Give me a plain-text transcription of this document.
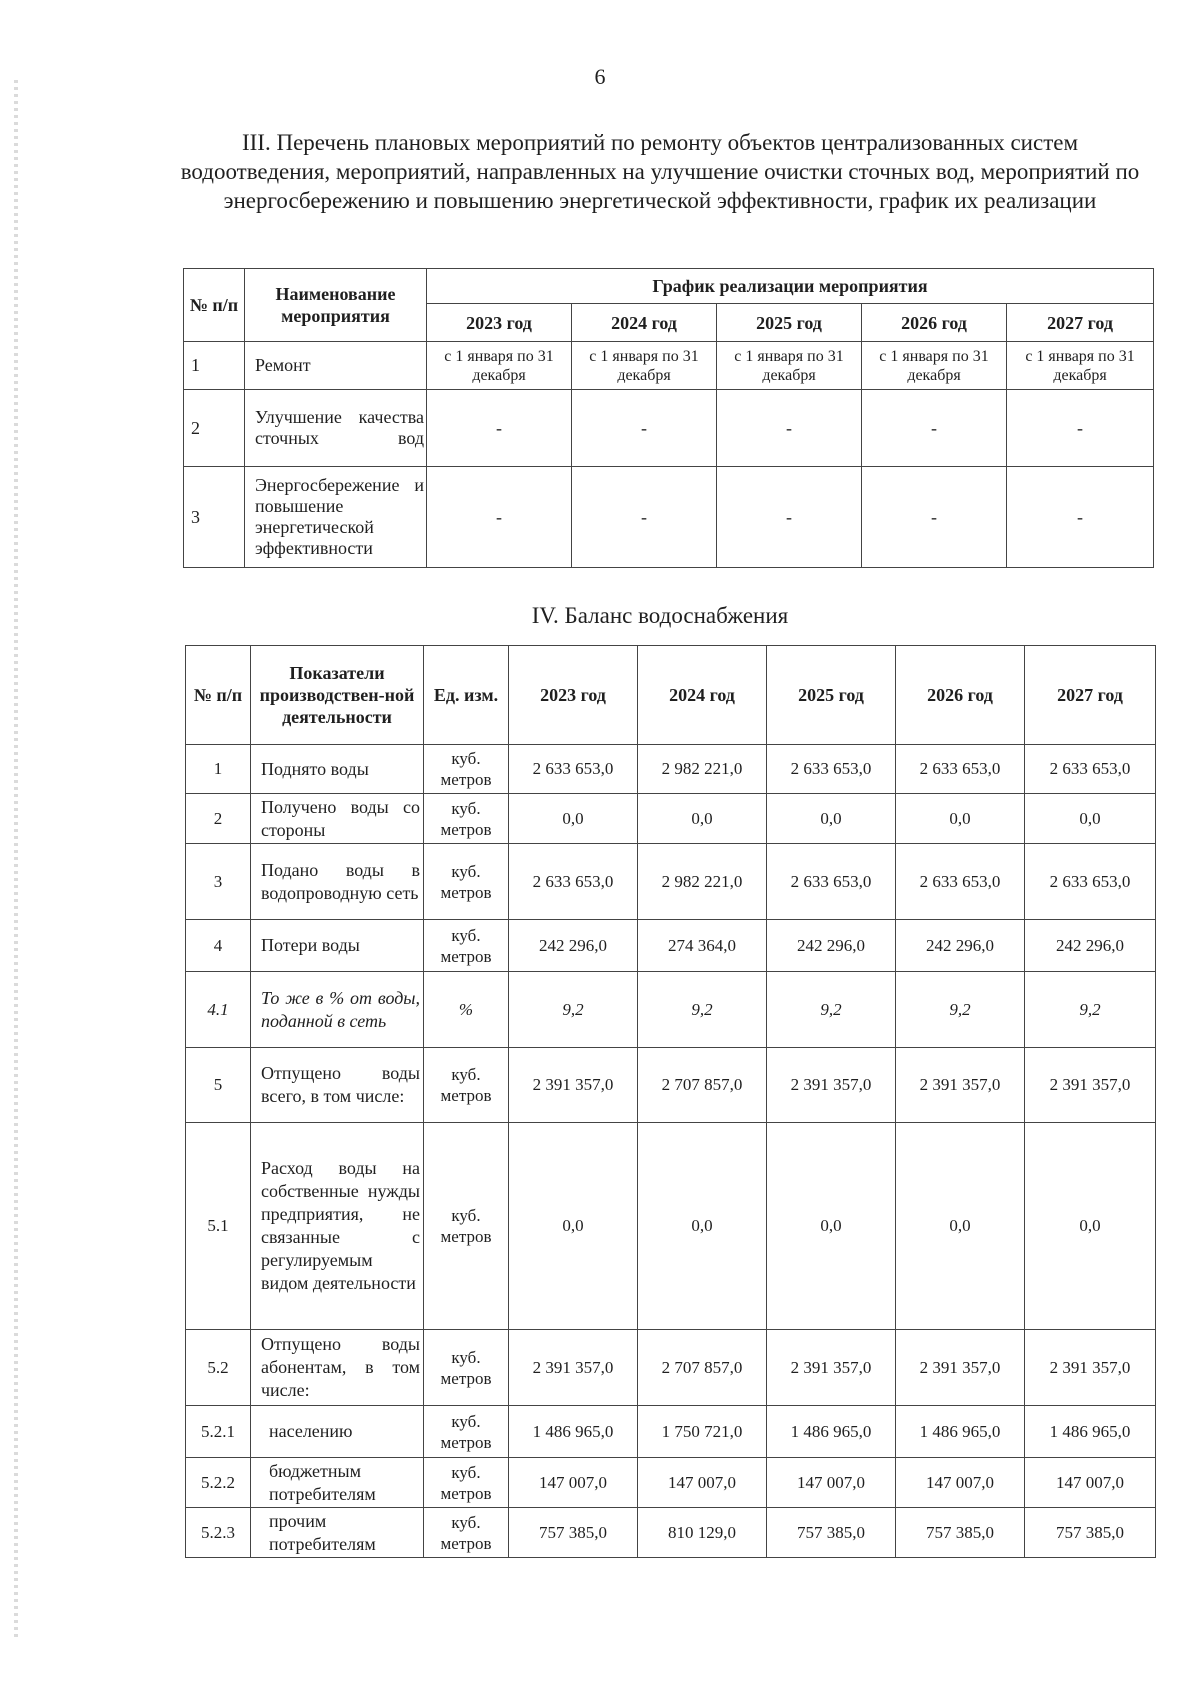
6
III. Перечень плановых мероприятий по ремонту объектов централизованных систем водоотведения, мероприятий, направленных на улучшение очистки сточных вод, мероприятий по энергосбережению и повышению энергетической эффективности, график их реализации
№ п/п	Наименование мероприятия	График реализации мероприятия				
		2023 год	2024 год	2025 год	2026 год	2027 год
1	Ремонт	с 1 января по 31 декабря	с 1 января по 31 декабря	с 1 января по 31 декабря	с 1 января по 31 декабря	с 1 января по 31 декабря
2	Улучшение качества сточных вод	-	-	-	-	-
3	Энергосбережение и повышение энергетической эффективности	-	-	-	-	-
IV. Баланс водоснабжения
№ п/п	Показатели производствен-ной деятельности	Ед. изм.	2023 год	2024 год	2025 год	2026 год	2027 год
1	Поднято воды	куб. метров	2 633 653,0	2 982 221,0	2 633 653,0	2 633 653,0	2 633 653,0
2	Получено воды со стороны	куб. метров	0,0	0,0	0,0	0,0	0,0
3	Подано воды в водопроводную сеть	куб. метров	2 633 653,0	2 982 221,0	2 633 653,0	2 633 653,0	2 633 653,0
4	Потери воды	куб. метров	242 296,0	274 364,0	242 296,0	242 296,0	242 296,0
4.1	То же в % от воды, поданной в сеть	%	9,2	9,2	9,2	9,2	9,2
5	Отпущено воды всего, в том числе:	куб. метров	2 391 357,0	2 707 857,0	2 391 357,0	2 391 357,0	2 391 357,0
5.1	Расход воды на собственные нужды предприятия, не связанные с регулируемым видом деятельности	куб. метров	0,0	0,0	0,0	0,0	0,0
5.2	Отпущено воды абонентам, в том числе:	куб. метров	2 391 357,0	2 707 857,0	2 391 357,0	2 391 357,0	2 391 357,0
5.2.1	населению	куб. метров	1 486 965,0	1 750 721,0	1 486 965,0	1 486 965,0	1 486 965,0
5.2.2	бюджетным потребителям	куб. метров	147 007,0	147 007,0	147 007,0	147 007,0	147 007,0
5.2.3	прочим потребителям	куб. метров	757 385,0	810 129,0	757 385,0	757 385,0	757 385,0
